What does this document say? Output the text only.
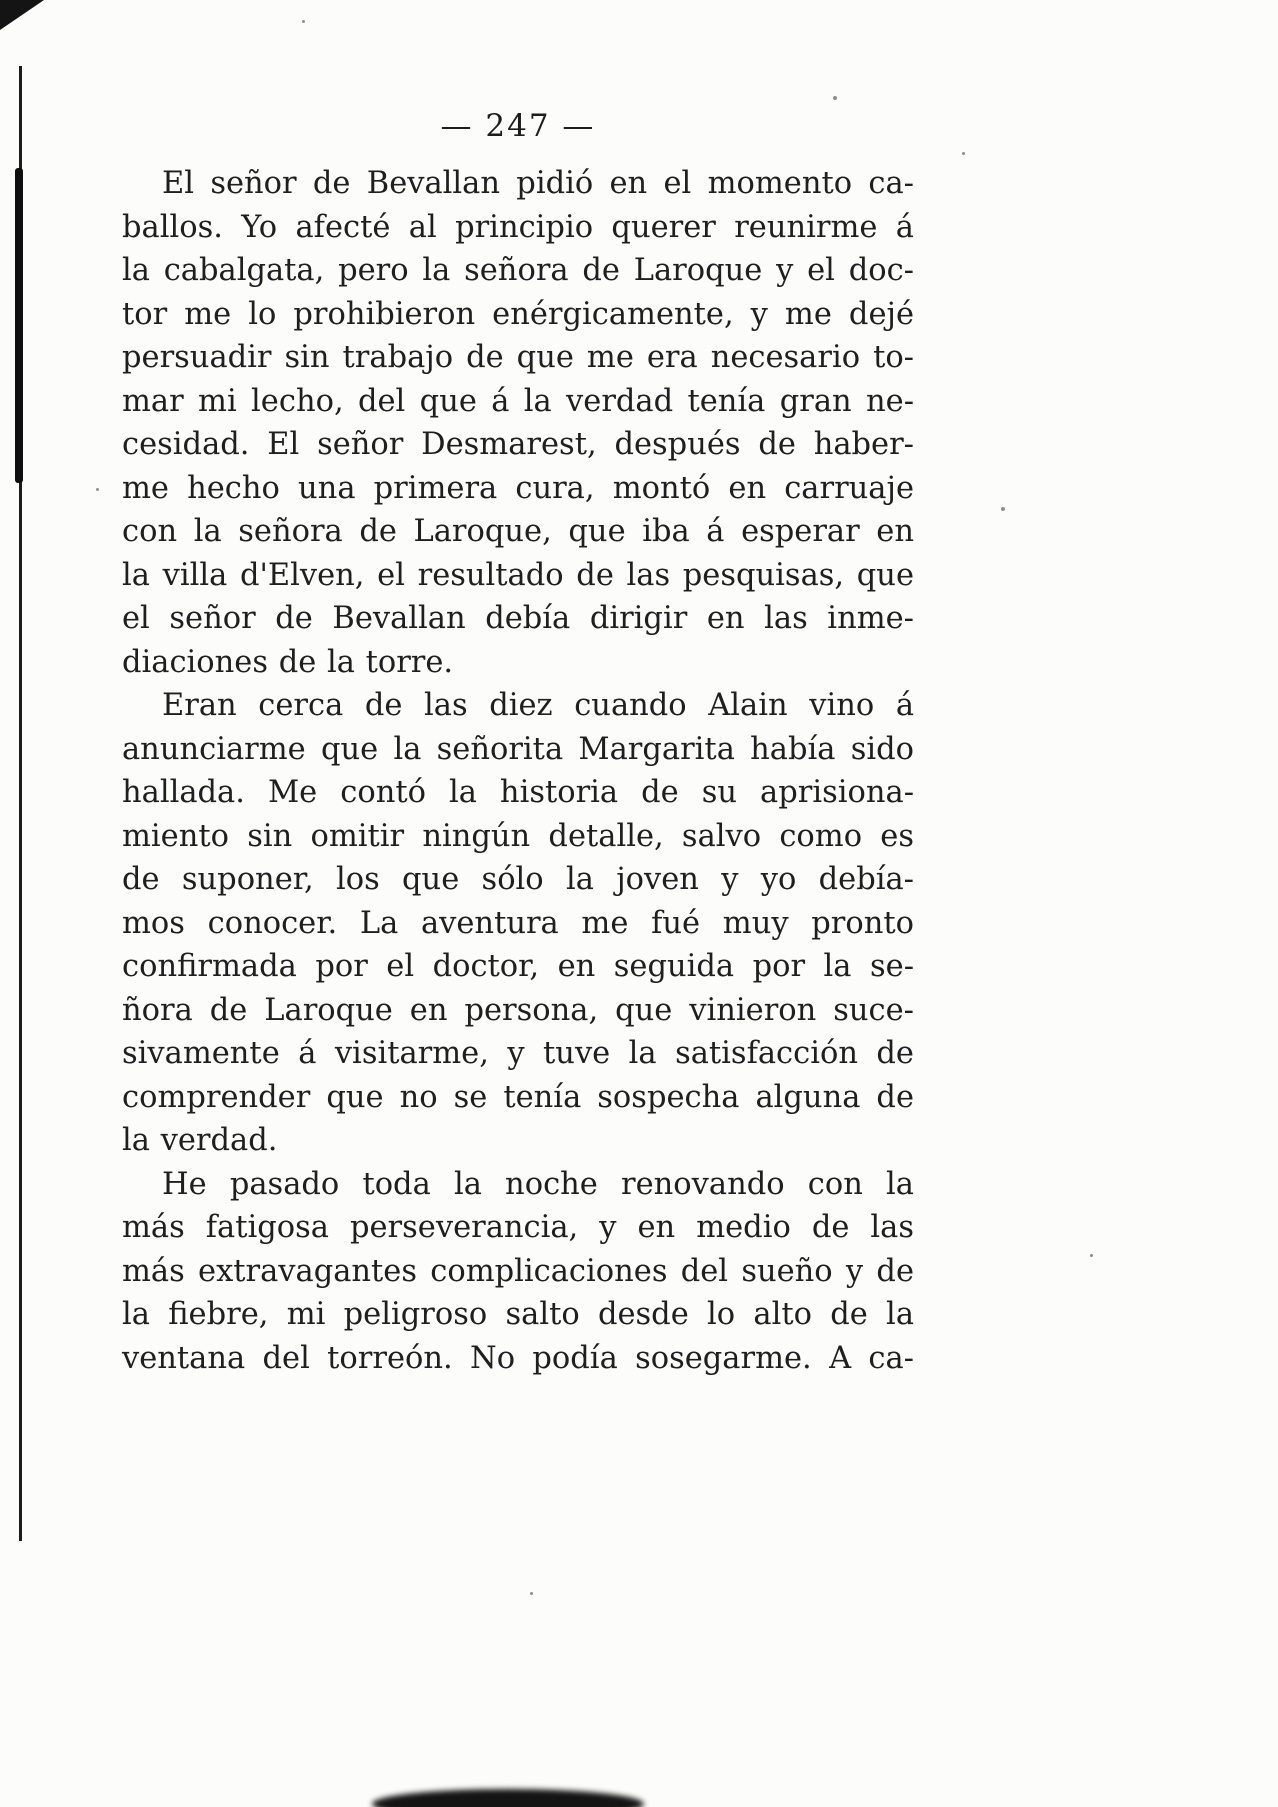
— 247 —
El señor de Bevallan pidió en el momento ca-
ballos. Yo afecté al principio querer reunirme á
la cabalgata, pero la señora de Laroque y el doc-
tor me lo prohibieron enérgicamente, y me dejé
persuadir sin trabajo de que me era necesario to-
mar mi lecho, del que á la verdad tenía gran ne-
cesidad. El señor Desmarest, después de haber-
me hecho una primera cura, montó en carruaje
con la señora de Laroque, que iba á esperar en
la villa d'Elven, el resultado de las pesquisas, que
el señor de Bevallan debía dirigir en las inme-
diaciones de la torre.
Eran cerca de las diez cuando Alain vino á
anunciarme que la señorita Margarita había sido
hallada. Me contó la historia de su aprisiona-
miento sin omitir ningún detalle, salvo como es
de suponer, los que sólo la joven y yo debía-
mos conocer. La aventura me fué muy pronto
confirmada por el doctor, en seguida por la se-
ñora de Laroque en persona, que vinieron suce-
sivamente á visitarme, y tuve la satisfacción de
comprender que no se tenía sospecha alguna de
la verdad.
He pasado toda la noche renovando con la
más fatigosa perseverancia, y en medio de las
más extravagantes complicaciones del sueño y de
la fiebre, mi peligroso salto desde lo alto de la
ventana del torreón. No podía sosegarme. A ca-
